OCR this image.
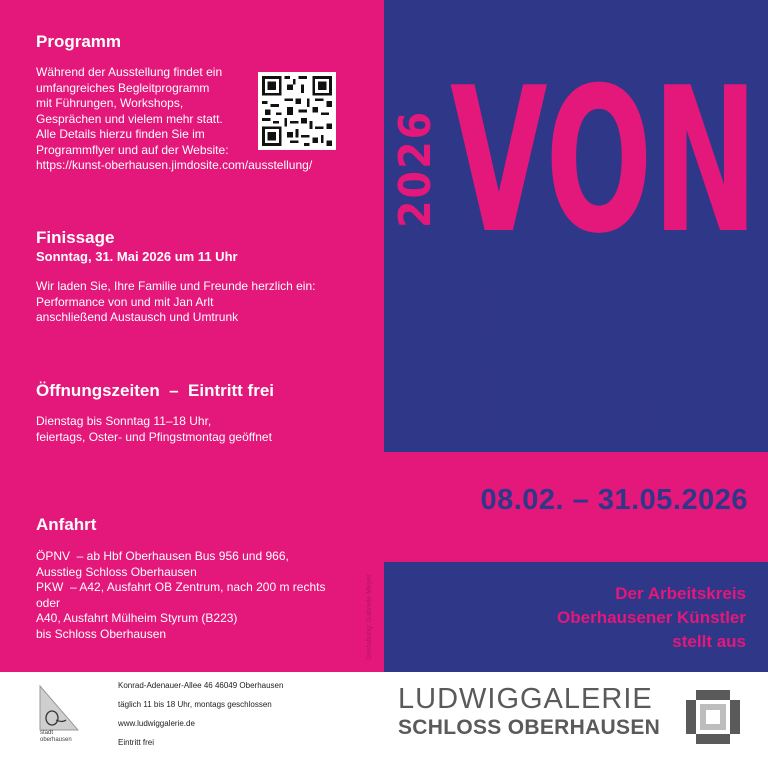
Programm
Während der Ausstellung findet ein
umfangreiches Begleitprogramm
mit Führungen, Workshops,
Gesprächen und vielem mehr statt.
Alle Details hierzu finden Sie im
Programmflyer und auf der Website:
https://kunst-oberhausen.jimdosite.com/ausstellung/
Finissage
Sonntag, 31. Mai 2026 um 11 Uhr
Wir laden Sie, Ihre Familie und Freunde herzlich ein:
Performance von und mit Jan Arlt
anschließend Austausch und Umtrunk
Öffnungszeiten  –  Eintritt frei
Dienstag bis Sonntag 11–18 Uhr,
feiertags, Oster- und Pfingstmontag geöffnet
Anfahrt
ÖPNV  – ab Hbf Oberhausen Bus 956 und 966,
Ausstieg Schloss Oberhausen
PKW  – A42, Ausfahrt OB Zentrum, nach 200 m rechts
oder
A40, Ausfahrt Mülheim Styrum (B223)
bis Schloss Oberhausen
2026 VON
HIER
08.02. – 31.05.2026
Der Arbeitskreis
Oberhausener Künstler
stellt aus
Gestaltung: Gabriele Meyer
stadt oberhausen
Konrad-Adenauer-Allee 46 46049 Oberhausen
täglich 11 bis 18 Uhr, montags geschlossen
www.ludwiggalerie.de
Eintritt frei
LUDWIGGALERIE
SCHLOSS OBERHAUSEN
